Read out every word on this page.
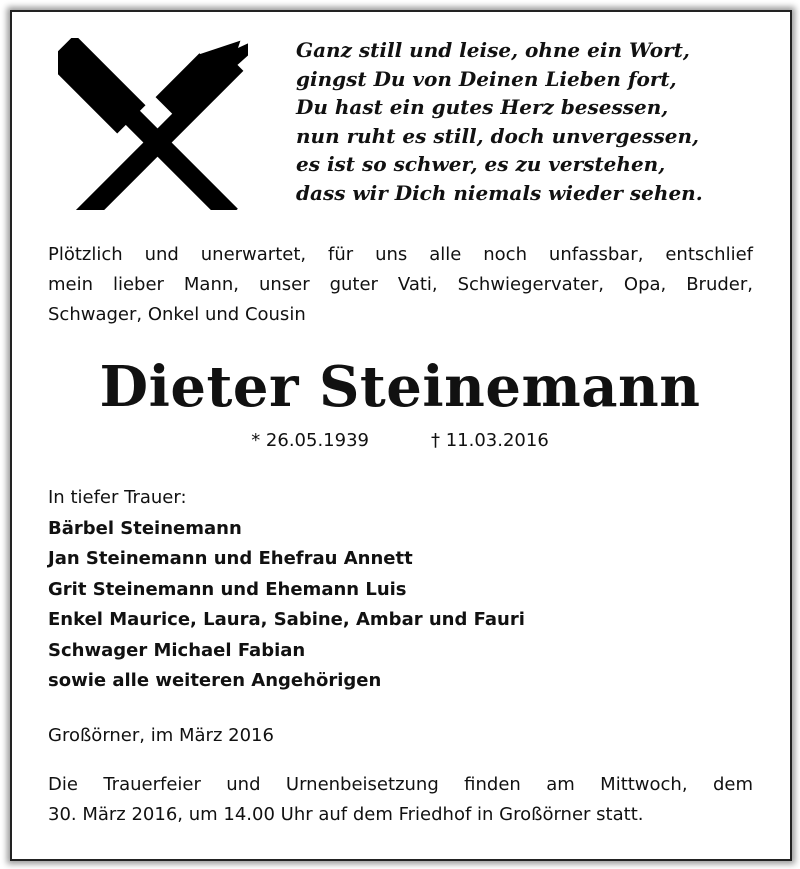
Ganz still und leise, ohne ein Wort,
gingst Du von Deinen Lieben fort,
Du hast ein gutes Herz besessen,
nun ruht es still, doch unvergessen,
es ist so schwer, es zu verstehen,
dass wir Dich niemals wieder sehen.
Plötzlich und unerwartet, für uns alle noch unfassbar, entschlief
mein lieber Mann, unser guter Vati, Schwiegervater, Opa, Bruder,
Schwager, Onkel und Cousin
Dieter Steinemann
* 26.05.1939	† 11.03.2016
In tiefer Trauer:
Bärbel Steinemann
Jan Steinemann und Ehefrau Annett
Grit Steinemann und Ehemann Luis
Enkel Maurice, Laura, Sabine, Ambar und Fauri
Schwager Michael Fabian
sowie alle weiteren Angehörigen
Großörner, im März 2016
Die Trauerfeier und Urnenbeisetzung finden am Mittwoch, dem
30. März 2016, um 14.00 Uhr auf dem Friedhof in Großörner statt.
